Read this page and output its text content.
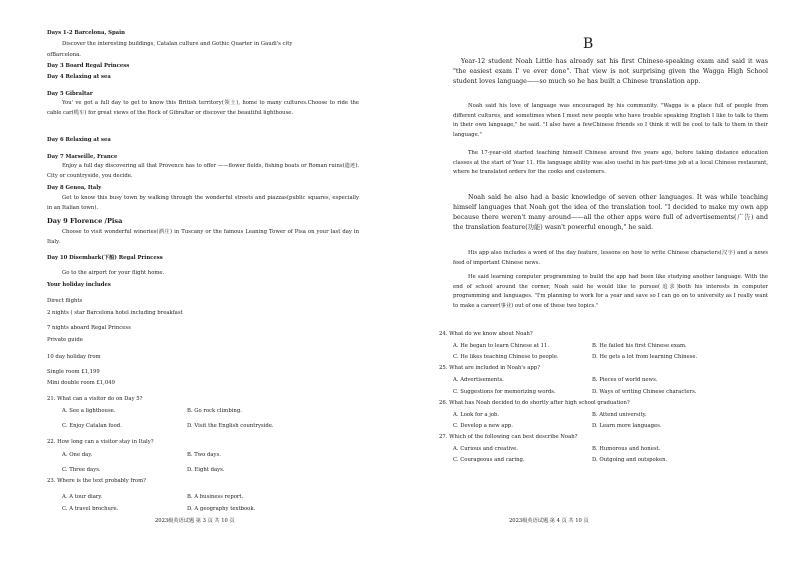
Days 1-2 Barcelona, Spain
Discover the interesting buildings, Catalan culture and Gothic Quarter in Gaudi's city
ofBarcelona.
Day 3 Board Regal Princess
Day 4 Relaxing at sea
Day 5 Gibraltar
You' ve got a full day to get to know this British territory(领土), home to many cultures.Choose to ride the cable car(缆车) for great views of the Rock of Gibraltar or discover the beautiful lighthouse.
Day 6 Relaxing at sea
Day 7 Marseille, France
Enjoy a full day discovering all that Provence has to offer ——flower fields, fishing boats or Roman ruins(遗迹). City or countryside, you decide.
Day 8 Genoa, Italy
Get to know this busy town by walking through the wonderful streets and piazzas(public squares, especially in an Italian town).
Day 9 Florence /Pisa
Choose to visit wonderful wineries(酒庄) in Tuscany or the famous Leaning Tower of Pisa on your last day in Italy.
Day 10 Disembark(下船) Regal Princess
Go to the airport for your flight home.
Your holiday includes
Direct flights
2 nights ( star Barcelona hotel including breakfast
7 nights aboard Regal Princess
Private guide
10 day holiday from
Single room £1,199
Mini double room £1,049
21. What can a visitor do on Day 5?
A. See a lighthouse.	B. Go rock climbing.
C. Enjoy Catalan food.	D. Visit the English countryside.
22. How long can a visitor stay in Italy?
A. One day.	B. Two days.
C. Three days.	D. Eight days.
23. Where is the text probably from?
A. A tour diary.	B. A business report.
C. A travel brochure.	D. A geography textbook.
2023级英语试题 第 3 页 共 10 页
B
Year-12 student Noah Little has already sat his first Chinese-speaking exam and said it was "the easiest exam I' ve ever done". That view is not surprising given the Wagga High School student loves language——so much so he has built a Chinese translation app.
Noah said his love of language was encouraged by his community. "Wagga is a place full of people from different cultures, and sometimes when I meet new people who have trouble speaking English I like to talk to them in their own language," he said. "I also have a fewChinese friends so I think it will be cool to talk to them in their language."
The 17-year-old started teaching himself Chinese around five years ago, before taking distance education classes at the start of Year 11. His language ability was also useful in his part-time job at a local Chinese restaurant, where he translated orders for the cooks and customers.
Noah said he also had a basic knowledge of seven other languages. It was while teaching himself languages that Noah got the idea of the translation tool. "I decided to make my own app because there weren't many around——all the other apps were full of advertisements(广告) and the translation feature(功能) wasn't powerful enough," he said.
His app also includes a word of the day feature, lessons on how to write Chinese characters(汉字) and a news feed of important Chinese news.
He said learning computer programming to build the app had been like studying another language. With the end of school around the corner, Noah said he would like to pursue(追求)both his interests in computer programming and languages. "I'm planning to work for a year and save so I can go on to university as I really want to make a career(事业) out of one of these two topics."
24. What do we know about Noah?
A. He began to learn Chinese at 11.	B. He failed his first Chinese exam.
C. He likes teaching Chinese to people.	D. He gets a lot from learning Chinese.
25. What are included in Noah's app?
A. Advertisements.	B. Pieces of world news.
C. Suggestions for memorizing words.	D. Ways of writing Chinese characters.
26. What has Noah decided to do shortly after high school graduation?
A. Look for a job.	B. Attend university.
C. Develop a new app.	D. Learn more languages.
27. Which of the following can best describe Noah?
A. Curious and creative.	B. Humorous and honest.
C. Courageous and caring.	D. Outgoing and outspoken.
2023级英语试题 第 4 页 共 10 页
